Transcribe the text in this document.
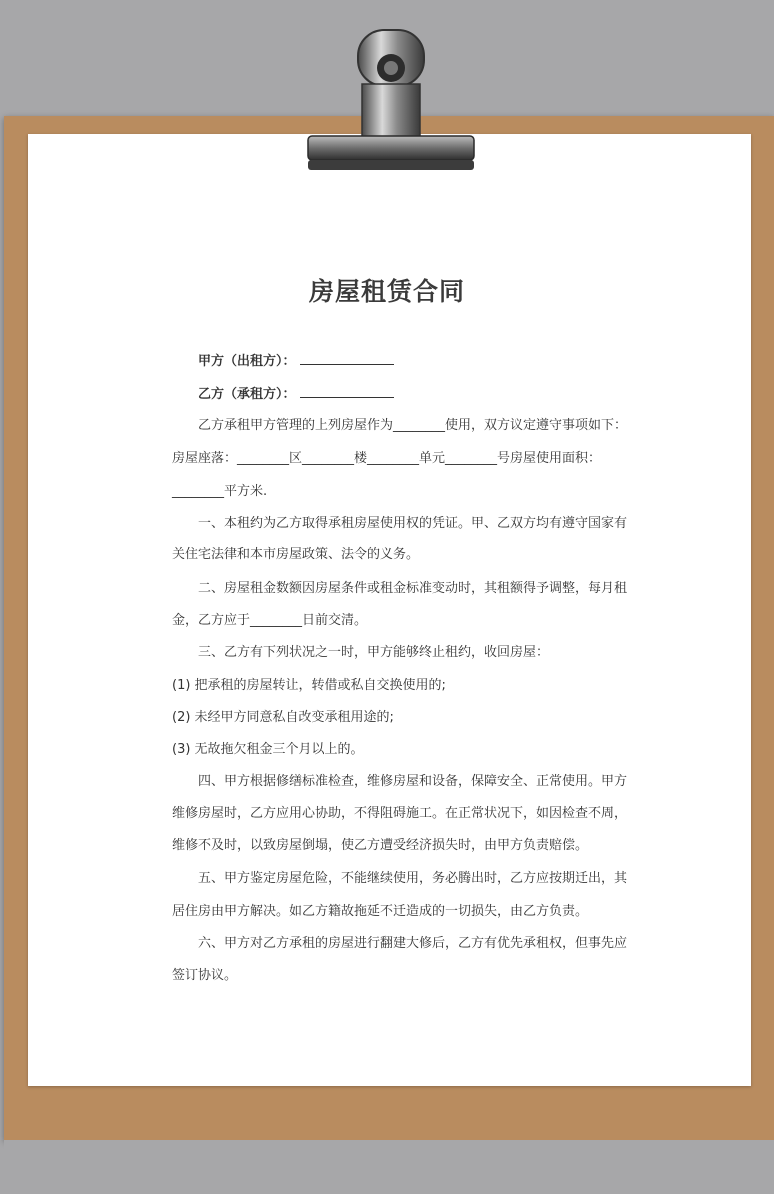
房屋租赁合同
甲方（出租方）：
乙方（承租方）：
乙方承租甲方管理的上列房屋作为________使用，双方议定遵守事项如下：
房屋座落：________区________楼________单元________号房屋使用面积：
________平方米.
一、本租约为乙方取得承租房屋使用权的凭证。甲、乙双方均有遵守国家有
关住宅法律和本市房屋政策、法令的义务。
二、房屋租金数额因房屋条件或租金标准变动时，其租额得予调整，每月租
金，乙方应于________日前交清。
三、乙方有下列状况之一时，甲方能够终止租约，收回房屋：
(1) 把承租的房屋转让，转借或私自交换使用的;
(2) 未经甲方同意私自改变承租用途的;
(3) 无故拖欠租金三个月以上的。
四、甲方根据修缮标准检查，维修房屋和设备，保障安全、正常使用。甲方
维修房屋时，乙方应用心协助，不得阻碍施工。在正常状况下，如因检查不周，
维修不及时，以致房屋倒塌，使乙方遭受经济损失时，由甲方负责赔偿。
五、甲方鉴定房屋危险，不能继续使用，务必腾出时，乙方应按期迁出，其
居住房由甲方解决。如乙方籍故拖延不迁造成的一切损失，由乙方负责。
六、甲方对乙方承租的房屋进行翻建大修后，乙方有优先承租权，但事先应
签订协议。
